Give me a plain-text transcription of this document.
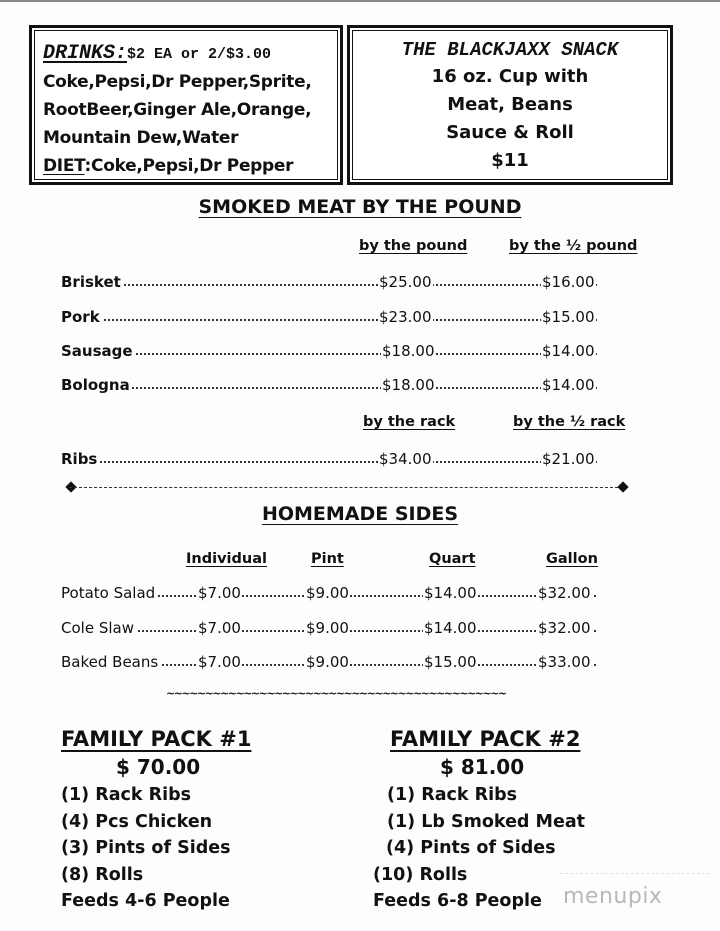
DRINKS:$2 EA or 2/$3.00
Coke,Pepsi,Dr Pepper,Sprite,
RootBeer,Ginger Ale,Orange,
Mountain Dew,Water
DIET:Coke,Pepsi,Dr Pepper
THE BLACKJAXX SNACK
16 oz. Cup with
Meat, Beans
Sauce & Roll
$11
SMOKED MEAT BY THE POUND
by the pound	by the ½ pound
Brisket	$25.00	$16.00
Pork	$23.00	$15.00
Sausage	$18.00	$14.00
Bologna	$18.00	$14.00
by the rack	by the ½ rack
Ribs	$34.00	$21.00
HOMEMADE SIDES
Individual	Pint	Quart	Gallon
Potato Salad	$7.00	$9.00	$14.00	$32.00
Cole Slaw	$7.00	$9.00	$14.00	$32.00
Baked Beans	$7.00	$9.00	$15.00	$33.00
~~~~~~~~~~~~~~~~~~~~~~~~~~~~~~~~~~~~~~~~~~~~
FAMILY PACK #1
$ 70.00
(1) Rack Ribs
(4) Pcs Chicken
(3) Pints of Sides
(8) Rolls
Feeds 4-6 People
FAMILY PACK #2
$ 81.00
(1) Rack Ribs
(1) Lb Smoked Meat
(4) Pints of Sides
(10) Rolls
Feeds 6-8 People menupix
